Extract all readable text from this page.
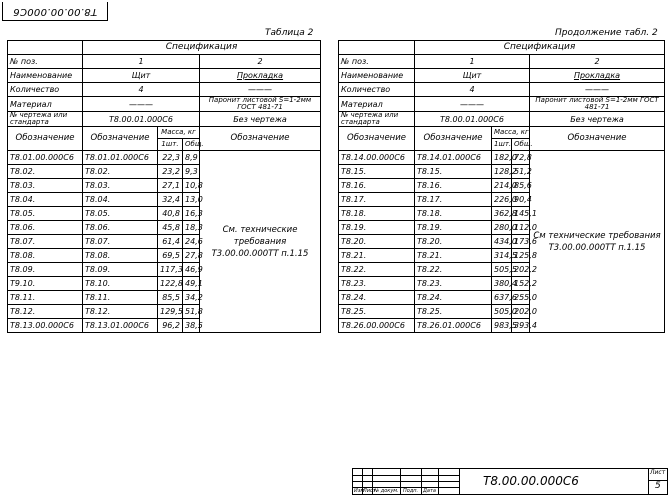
T8.00.00.000C6
Таблица 2
	Спецификация			
№ поз.	1			2
Наименование	Щит			Прокладка
Количество	4			———
Материал	———			Паронит листовой S=1-2мм ГОСТ 481-71
№ чертежа или стандарта	T8.00.01.000C6			Без чертежа
Обозначение	Обозначение	Масса, кг		Обозначение
		1шт.	Общ.	
T8.01.00.000C6	T8.01.01.000C6	22,3	8,9	См. технические требования Т3.00.00.000ТТ п.1.15
T8.02.	T8.02.	23,2	9,3	
T8.03.	T8.03.	27,1	10,8	
T8.04.	T8.04.	32,4	13,0	
T8.05.	T8.05.	40,8	16,3	
T8.06.	T8.06.	45,8	18,3	
T8.07.	T8.07.	61,4	24,6	
T8.08.	T8.08.	69,5	27,8	
T8.09.	T8.09.	117,3	46,9	
T9.10.	T8.10.	122,8	49,1	
T8.11.	T8.11.	85,5	34,2	
T8.12.	T8.12.	129,5	51,8	
T8.13.00.000C6	T8.13.01.000C6	96,2	38,5	
Продолжение табл. 2
	Спецификация			
№ поз.	1			2
Наименование	Щит			Прокладка
Количество	4			———
Материал	———			Паронит листовой S=1-2мм ГОСТ 481-71
№ чертежа или стандарта	T8.00.01.000C6			Без чертежа
Обозначение	Обозначение	Масса, кг		Обозначение
		1шт.	Общ.	
T8.14.00.000C6	T8.14.01.000C6	182,0	72,8	См технические требования Т3.00.00.000ТТ п.1.15
T8.15.	T8.15.	128,2	51,2	
T8.16.	T8.16.	214,0	85,6	
T8.17.	T8.17.	226,0	90,4	
T8.18.	T8.18.	362,8	145,1	
T8.19.	T8.19.	280,0	112,0	
T8.20.	T8.20.	434,0	173,6	
T8.21.	T8.21.	314,5	125,8	
T8.22.	T8.22.	505,5	202,2	
T8.23.	T8.23.	380,4	152,2	
T8.24.	T8.24.	637,6	255,0	
T8.25.	T8.25.	505,0	202,0	
T8.26.00.000C6	T8.26.01.000C6	983,5	393,4	
Изм
Лист
№ докум. Подп. Дата
T8.00.00.000C6
Лист
5
